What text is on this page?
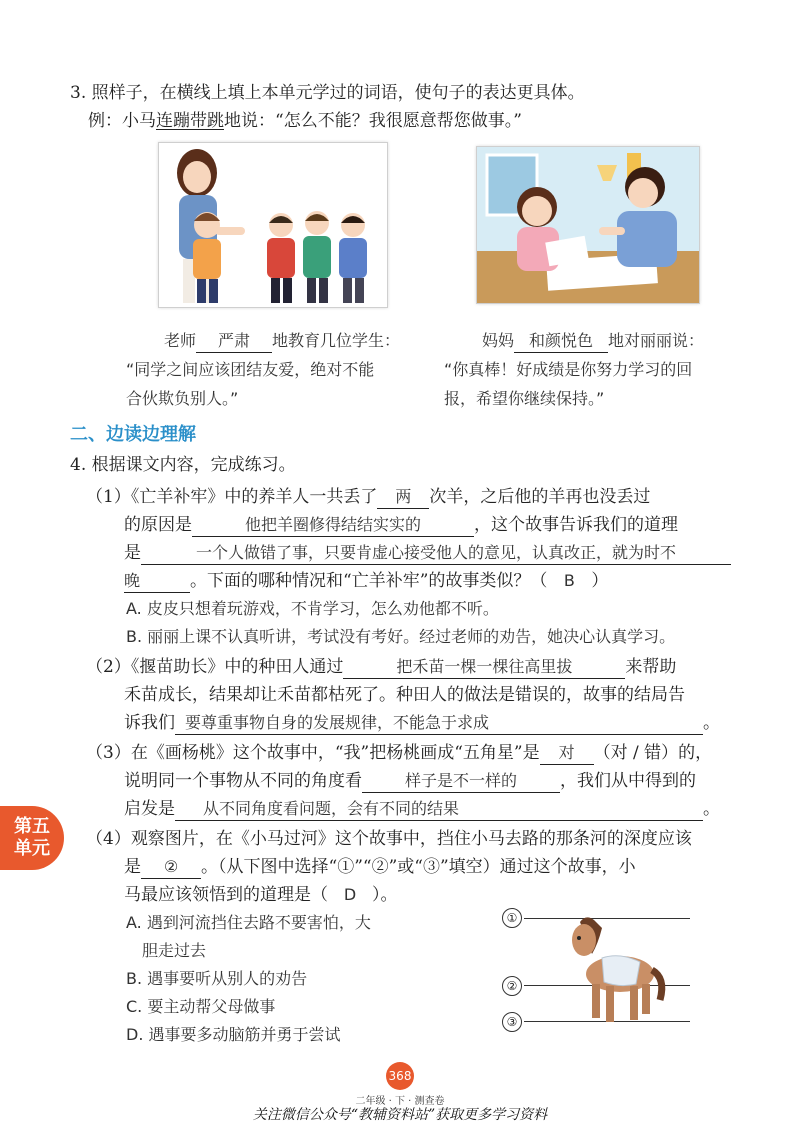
3. 照样子，在横线上填上本单元学过的词语，使句子的表达更具体。
例：小马连蹦带跳地说：“怎么不能？我很愿意帮您做事。”
老师 严肃 地教育几位学生：
“同学之间应该团结友爱，绝对不能
合伙欺负别人。”
妈妈 和颜悦色 地对丽丽说：
“你真棒！好成绩是你努力学习的回
报，希望你继续保持。”
二、边读边理解
4. 根据课文内容，完成练习。
（1）《亡羊补牢》中的养羊人一共丢了 两 次羊，之后他的羊再也没丢过
的原因是	他把羊圈修得结结实实的	，这个故事告诉我们的道理
是	一个人做错了事，只要肯虚心接受他人的意见，认真改正，就为时不
晚	。下面的哪种情况和“亡羊补牢”的故事类似？（ B ）
A. 皮皮只想着玩游戏，不肯学习，怎么劝他都不听。
B. 丽丽上课不认真听讲，考试没有考好。经过老师的劝告，她决心认真学习。
（2）《揠苗助长》中的种田人通过	把禾苗一棵一棵往高里拔	来帮助
禾苗成长，结果却让禾苗都枯死了。种田人的做法是错误的，故事的结局告
诉我们 要尊重事物自身的发展规律，不能急于求成	。
（3）在《画杨桃》这个故事中，“我”把杨桃画成“五角星”是 对 （对 / 错）的，
说明同一个事物从不同的角度看	样子是不一样的	，我们从中得到的
启发是 从不同角度看问题，会有不同的结果	。
（4）观察图片，在《小马过河》这个故事中，挡住小马去路的那条河的深度应该
是 ② 。（从下图中选择“①”“②”或“③”填空）通过这个故事，小
马最应该领悟到的道理是（ D ）。
A. 遇到河流挡住去路不要害怕，大
胆走过去
B. 遇事要听从别人的劝告
C. 要主动帮父母做事
D. 遇事要多动脑筋并勇于尝试
①
②
③
第五
单元
368
二年级 · 下 · 测查卷
关注微信公众号“教辅资料站”获取更多学习资料
